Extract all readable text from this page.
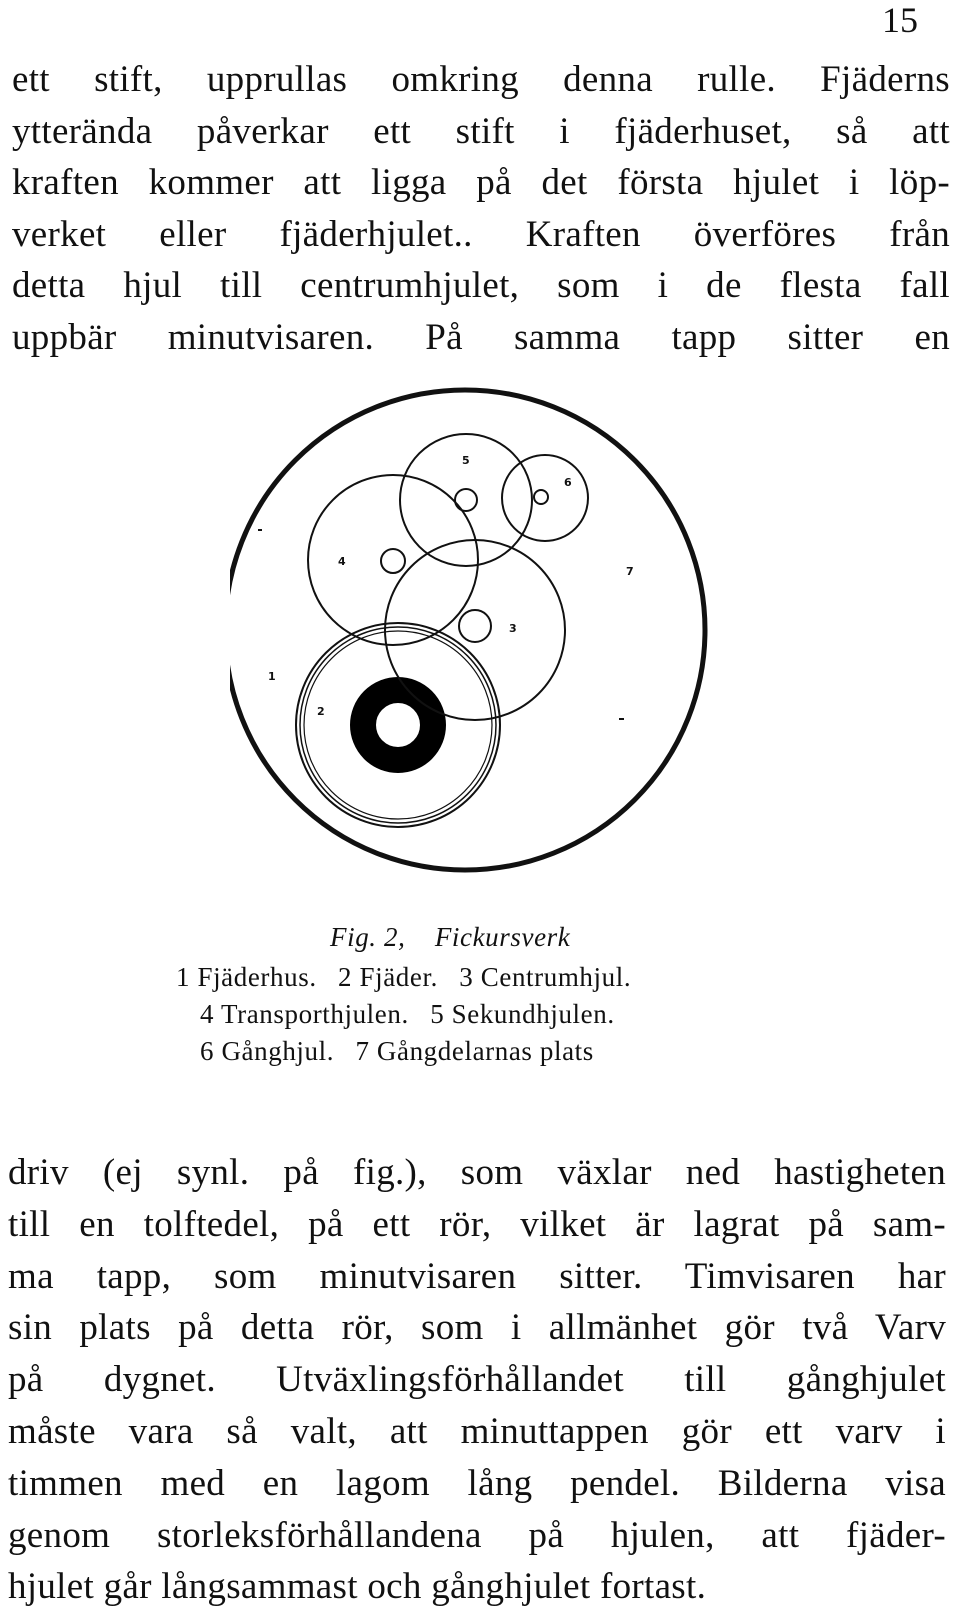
15
ett stift, upprullas omkring denna rulle. Fjäderns
ytterända påverkar ett stift i fjäderhuset, så att
kraften kommer att ligga på det första hjulet i löp-
verket eller fjäderhjulet.. Kraften överföres från
detta hjul till centrumhjulet, som i de flesta fall
uppbär minutvisaren. På samma tapp sitter en
1
2
3
4
5
6
7
Fig. 2, Fickursverk
1 Fjäderhus. 2 Fjäder. 3 Centrumhjul.
4 Transporthjulen. 5 Sekundhjulen.
6 Gånghjul. 7 Gångdelarnas plats
driv (ej synl. på fig.), som växlar ned hastigheten
till en tolftedel, på ett rör, vilket är lagrat på sam-
ma tapp, som minutvisaren sitter. Timvisaren har
sin plats på detta rör, som i allmänhet gör två Varv
på dygnet. Utväxlingsförhållandet till gånghjulet
måste vara så valt, att minuttappen gör ett varv i
timmen med en lagom lång pendel. Bilderna visa
genom storleksförhållandena på hjulen, att fjäder-
hjulet går långsammast och gånghjulet fortast.
